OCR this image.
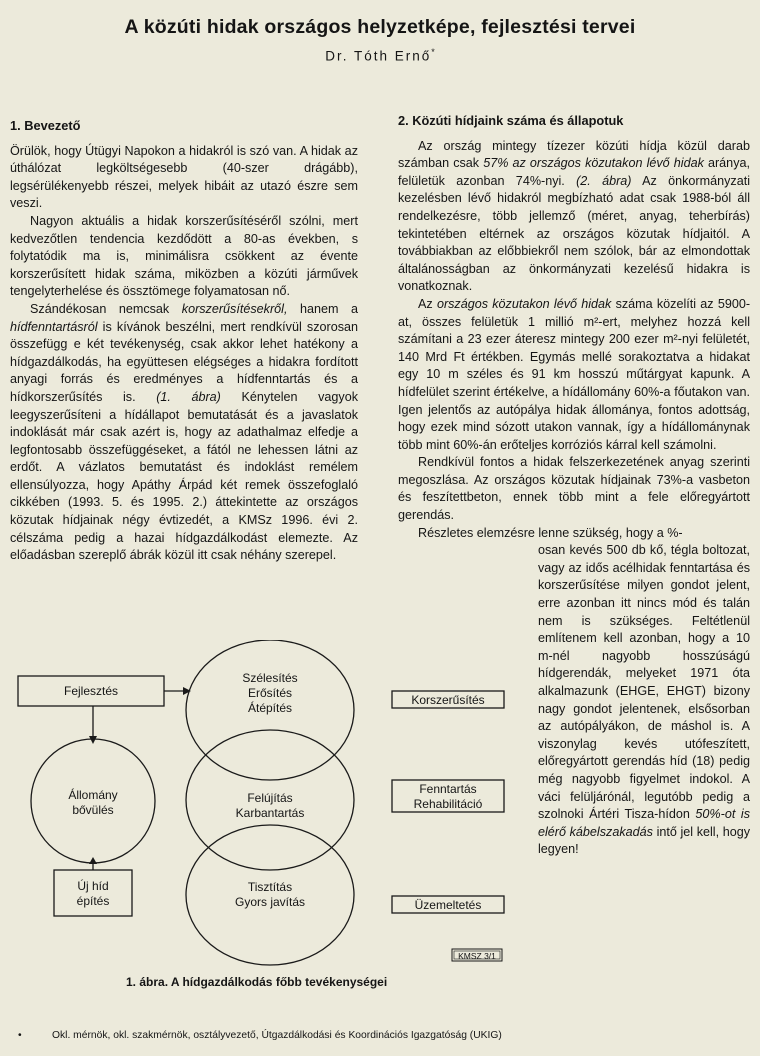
A közúti hidak országos helyzetképe, fejlesztési tervei
Dr. Tóth Ernő*
1. Bevezető

Örülök, hogy Útügyi Napokon a hidakról is szó van. A hidak az úthálózat legköltségesebb (40-szer drágább), legsérülékenyebb részei, melyek hibáit az utazó észre sem veszi.

Nagyon aktuális a hidak korszerűsítéséről szólni, mert kedvezőtlen tendencia kezdődött a 80-as években, s folytatódik ma is, minimálisra csökkent az évente korszerűsített hidak száma, miközben a közúti járművek tengelyterhelése és össztömege folyamatosan nő.

Szándékosan nemcsak korszerűsítésekről, hanem a hídfenntartásról is kívánok beszélni, mert rendkívül szorosan összefügg e két tevékenység, csak akkor lehet hatékony a hídgazdálkodás, ha együttesen elégséges a hidakra fordított anyagi forrás és eredményes a hídfenntartás és a hídkorszerűsítés is. (1. ábra) Kénytelen vagyok leegyszerűsíteni a hídállapot bemutatását és a javaslatok indoklását már csak azért is, hogy az adathalmaz elfedje a legfontosabb összefüggéseket, a fától ne lehessen látni az erdőt. A vázlatos bemutatást és indoklást remélem ellensúlyozza, hogy Apáthy Árpád két remek összefoglaló cikkében (1993. 5. és 1995. 2.) áttekintette az országos közutak hídjainak négy évtizedét, a KMSz 1996. évi 2. célszáma pedig a hazai hídgazdálkodást elemezte. Az előadásban szereplő ábrák közül itt csak néhány szerepel.

2. Közúti hídjaink száma és állapotuk

Az ország mintegy tízezer közúti hídja közül darab számban csak 57% az országos közutakon lévő hidak aránya, felületük azonban 74%-nyi. (2. ábra) Az önkormányzati kezelésben lévő hidakról megbízható adat csak 1988-ból áll rendelkezésre, több jellemző (méret, anyag, teherbírás) tekintetében eltérnek az országos közutak hídjaitól. A továbbiakban az előbbiekről nem szólok, bár az elmondottak általánosságban az önkormányzati kezelésű hidakra is vonatkoznak.

Az országos közutakon lévő hidak száma közelíti az 5900-at, összes felületük 1 millió m²-ert, melyhez hozzá kell számítani a 23 ezer áteresz mintegy 200 ezer m²-nyi felületét, 140 Mrd Ft értékben. Egymás mellé sorakoztatva a hidakat egy 10 m széles és 91 km hosszú műtárgyat kapunk. A hídfelület szerint értékelve, a hídállomány 60%-a főutakon van. Igen jelentős az autópálya hidak állománya, fontos adottság, hogy ezek mind sózott utakon vannak, így a hídállománynak több mint 60%-án erőteljes korróziós kárral kell számolni.

Rendkívül fontos a hidak felszerkezetének anyag szerinti megoszlása. Az országos közutak hídjainak 73%-a vasbeton és feszítettbeton, ennek több mint a fele előregyártott gerendás.

Részletes elemzésre lenne szükség, hogy a %-

osan kevés 500 db kő, tégla boltozat, vagy az idős acélhidak fenntartása és korszerűsítése milyen gondot jelent, erre azonban itt nincs mód és talán nem is szükséges. Feltétlenül említenem kell azonban, hogy a 10 m-nél nagyobb hosszúságú hídgerendák, melyeket 1971 óta alkalmazunk (EHGE, EHGT) bizony nagy gondot jelentenek, elsősorban az autópályákon, de máshol is. A viszonylag kevés utófeszített, előregyártott gerendás híd (18) pedig még nagyobb figyelmet indokol. A váci felüljárónál, legutóbb pedig a szolnoki Ártéri Tisza-hídon 50%-ot is elérő kábelszakadás intő jel kell, hogy legyen!

Fejlesztés
Állomány
bővülés
Új híd
építés
Szélesítés
Erősítés
Átépítés
Felújítás
Karbantartás
Tisztítás
Gyors javítás
Korszerűsítés
Fenntartás
Rehabilitáció
Üzemeltetés
KMSZ 3/1
1. ábra. A hídgazdálkodás főbb tevékenységei
•	Okl. mérnök, okl. szakmérnök, osztályvezető, Útgazdálkodási és Koordinációs Igazgatóság (UKIG)
